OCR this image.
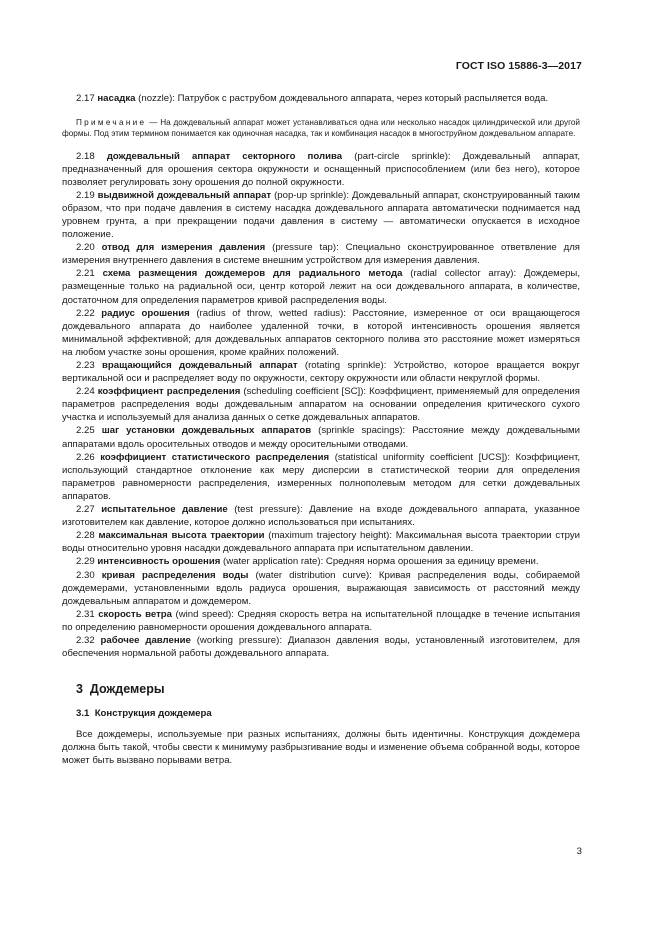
ГОСТ ISO 15886-3—2017

2.17 насадка (nozzle): Патрубок с раструбом дождевального аппарата, через который распыляется вода.

Примечание — На дождевальный аппарат может устанавливаться одна или несколько насадок цилиндрической или другой формы. Под этим термином понимается как одиночная насадка, так и комбинация насадок в многоструйном дождевальном аппарате.

2.18 дождевальный аппарат секторного полива (part-circle sprinkle): Дождевальный аппарат, предназначенный для орошения сектора окружности и оснащенный приспособлением (или без него), которое позволяет регулировать зону орошения до полной окружности.

2.19 выдвижной дождевальный аппарат (pop-up sprinkle): Дождевальный аппарат, сконструированный таким образом, что при подаче давления в систему насадка дождевального аппарата автоматически поднимается над уровнем грунта, а при прекращении подачи давления в систему — автоматически опускается в исходное положение.

2.20 отвод для измерения давления (pressure tap): Специально сконструированное ответвление для измерения внутреннего давления в системе внешним устройством для измерения давления.

2.21 схема размещения дождемеров для радиального метода (radial collector array): Дождемеры, размещенные только на радиальной оси, центр которой лежит на оси дождевального аппарата, в количестве, достаточном для определения параметров кривой распределения воды.

2.22 радиус орошения (radius of throw, wetted radius): Расстояние, измеренное от оси вращающегося дождевального аппарата до наиболее удаленной точки, в которой интенсивность орошения является минимальной эффективной; для дождевальных аппаратов секторного полива это расстояние может измеряться на любом участке зоны орошения, кроме крайних положений.

2.23 вращающийся дождевальный аппарат (rotating sprinkle): Устройство, которое вращается вокруг вертикальной оси и распределяет воду по окружности, сектору окружности или области некруглой формы.

2.24 коэффициент распределения (scheduling coefficient [SC]): Коэффициент, применяемый для определения параметров распределения воды дождевальным аппаратом на основании определения критического сухого участка и используемый для анализа данных о сетке дождевальных аппаратов.

2.25 шаг установки дождевальных аппаратов (sprinkle spacings): Расстояние между дождевальными аппаратами вдоль оросительных отводов и между оросительными отводами.

2.26 коэффициент статистического распределения (statistical uniformity coefficient [UCS]): Коэффициент, использующий стандартное отклонение как меру дисперсии в статистической теории для определения параметров равномерности распределения, измеренных полнополевым методом для сетки дождевальных аппаратов.

2.27 испытательное давление (test pressure): Давление на входе дождевального аппарата, указанное изготовителем как давление, которое должно использоваться при испытаниях.

2.28 максимальная высота траектории (maximum trajectory height): Максимальная высота траектории струи воды относительно уровня насадки дождевального аппарата при испытательном давлении.

2.29 интенсивность орошения (water application rate): Средняя норма орошения за единицу времени.

2.30 кривая распределения воды (water distribution curve): Кривая распределения воды, собираемой дождемерами, установленными вдоль радиуса орошения, выражающая зависимость от расстояний между дождевальным аппаратом и дождемером.

2.31 скорость ветра (wind speed): Средняя скорость ветра на испытательной площадке в течение испытания по определению равномерности орошения дождевального аппарата.

2.32 рабочее давление (working pressure): Диапазон давления воды, установленный изготовителем, для обеспечения нормальной работы дождевального аппарата.

3 Дождемеры
3.1 Конструкция дождемера

Все дождемеры, используемые при разных испытаниях, должны быть идентичны. Конструкция дождемера должна быть такой, чтобы свести к минимуму разбрызгивание воды и изменение объема собранной воды, которое может быть вызвано порывами ветра.

3
